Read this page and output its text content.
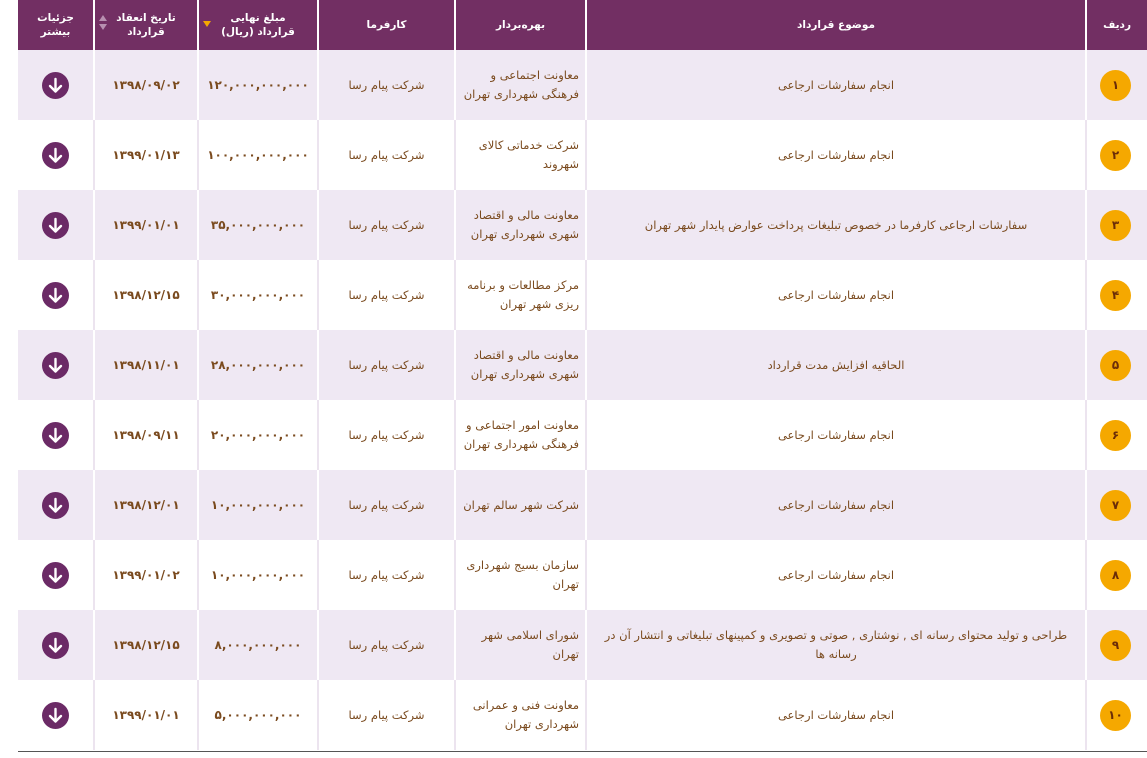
ردیف	موضوع قرارداد	بهره‌بردار	کارفرما	مبلغ نهایی قرارداد (ریال)	تاریخ انعقاد قرارداد	جزئیات بیشتر
۱	انجام سفارشات ارجاعی	معاونت اجتماعی و فرهنگی شهرداری تهران	شرکت پیام رسا	۱۲۰,۰۰۰,۰۰۰,۰۰۰	۱۳۹۸/۰۹/۰۲	

۲	انجام سفارشات ارجاعی	شرکت خدماتی کالای شهروند	شرکت پیام رسا	۱۰۰,۰۰۰,۰۰۰,۰۰۰	۱۳۹۹/۰۱/۱۳	

۳	سفارشات ارجاعی کارفرما در خصوص تبلیغات پرداخت عوارض پایدار شهر تهران	معاونت مالی و اقتصاد شهری شهرداری تهران	شرکت پیام رسا	۳۵,۰۰۰,۰۰۰,۰۰۰	۱۳۹۹/۰۱/۰۱	

۴	انجام سفارشات ارجاعی	مرکز مطالعات و برنامه ریزی شهر تهران	شرکت پیام رسا	۳۰,۰۰۰,۰۰۰,۰۰۰	۱۳۹۸/۱۲/۱۵	

۵	الحاقیه افزایش مدت قرارداد	معاونت مالی و اقتصاد شهری شهرداری تهران	شرکت پیام رسا	۲۸,۰۰۰,۰۰۰,۰۰۰	۱۳۹۸/۱۱/۰۱	

۶	انجام سفارشات ارجاعی	معاونت امور اجتماعی و فرهنگی شهرداری تهران	شرکت پیام رسا	۲۰,۰۰۰,۰۰۰,۰۰۰	۱۳۹۸/۰۹/۱۱	

۷	انجام سفارشات ارجاعی	شرکت شهر سالم تهران	شرکت پیام رسا	۱۰,۰۰۰,۰۰۰,۰۰۰	۱۳۹۸/۱۲/۰۱	

۸	انجام سفارشات ارجاعی	سازمان بسیج شهرداری تهران	شرکت پیام رسا	۱۰,۰۰۰,۰۰۰,۰۰۰	۱۳۹۹/۰۱/۰۲	

۹	طراحی و تولید محتوای رسانه ای , نوشتاری , صوتی و تصویری و کمپینهای تبلیغاتی و انتشار آن در رسانه ها	شورای اسلامی شهر تهران	شرکت پیام رسا	۸,۰۰۰,۰۰۰,۰۰۰	۱۳۹۸/۱۲/۱۵	

۱۰	انجام سفارشات ارجاعی	معاونت فنی و عمرانی شهرداری تهران	شرکت پیام رسا	۵,۰۰۰,۰۰۰,۰۰۰	۱۳۹۹/۰۱/۰۱	
